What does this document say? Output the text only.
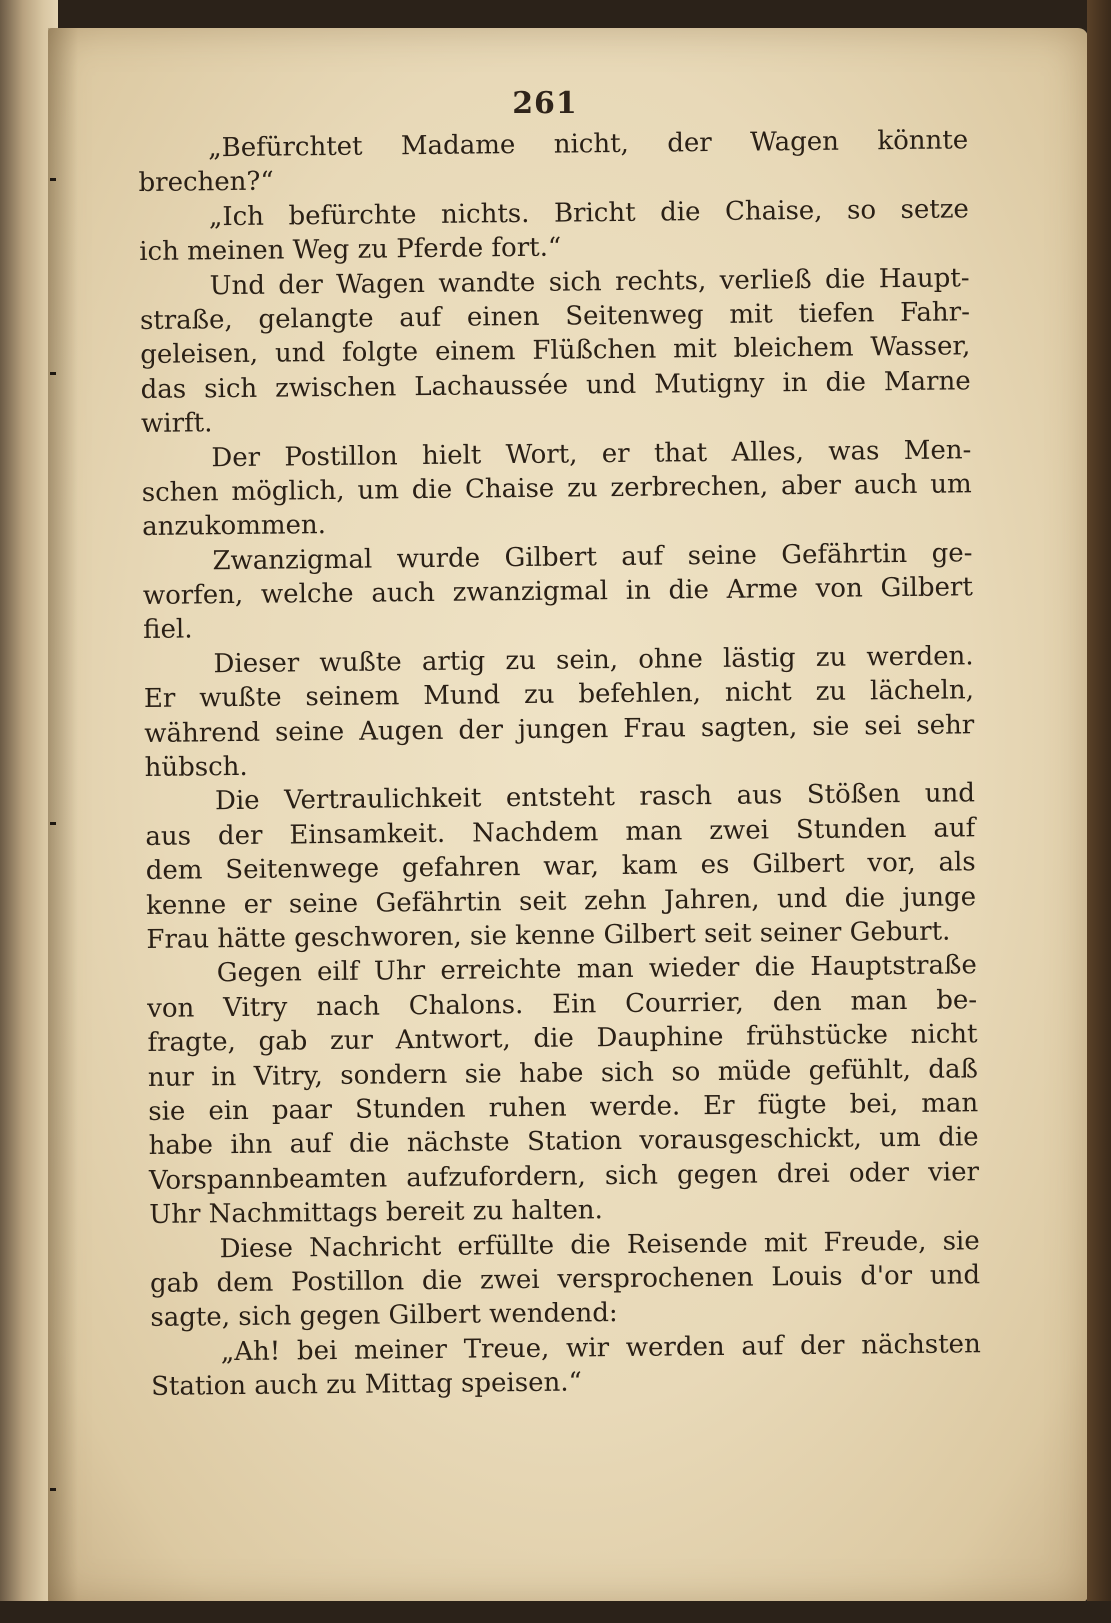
261
„Befürchtet Madame nicht, der Wagen könnte
brechen?“
„Ich befürchte nichts. Bricht die Chaise, so setze
ich meinen Weg zu Pferde fort.“
Und der Wagen wandte sich rechts, verließ die Haupt-
straße, gelangte auf einen Seitenweg mit tiefen Fahr-
geleisen, und folgte einem Flüßchen mit bleichem Wasser,
das sich zwischen Lachaussée und Mutigny in die Marne
wirft.
Der Postillon hielt Wort, er that Alles, was Men-
schen möglich, um die Chaise zu zerbrechen, aber auch um
anzukommen.
Zwanzigmal wurde Gilbert auf seine Gefährtin ge-
worfen, welche auch zwanzigmal in die Arme von Gilbert
fiel.
Dieser wußte artig zu sein, ohne lästig zu werden.
Er wußte seinem Mund zu befehlen, nicht zu lächeln,
während seine Augen der jungen Frau sagten, sie sei sehr
hübsch.
Die Vertraulichkeit entsteht rasch aus Stößen und
aus der Einsamkeit. Nachdem man zwei Stunden auf
dem Seitenwege gefahren war, kam es Gilbert vor, als
kenne er seine Gefährtin seit zehn Jahren, und die junge
Frau hätte geschworen, sie kenne Gilbert seit seiner Geburt.
Gegen eilf Uhr erreichte man wieder die Hauptstraße
von Vitry nach Chalons. Ein Courrier, den man be-
fragte, gab zur Antwort, die Dauphine frühstücke nicht
nur in Vitry, sondern sie habe sich so müde gefühlt, daß
sie ein paar Stunden ruhen werde. Er fügte bei, man
habe ihn auf die nächste Station vorausgeschickt, um die
Vorspannbeamten aufzufordern, sich gegen drei oder vier
Uhr Nachmittags bereit zu halten.
Diese Nachricht erfüllte die Reisende mit Freude, sie
gab dem Postillon die zwei versprochenen Louis d'or und
sagte, sich gegen Gilbert wendend:
„Ah! bei meiner Treue, wir werden auf der nächsten
Station auch zu Mittag speisen.“
